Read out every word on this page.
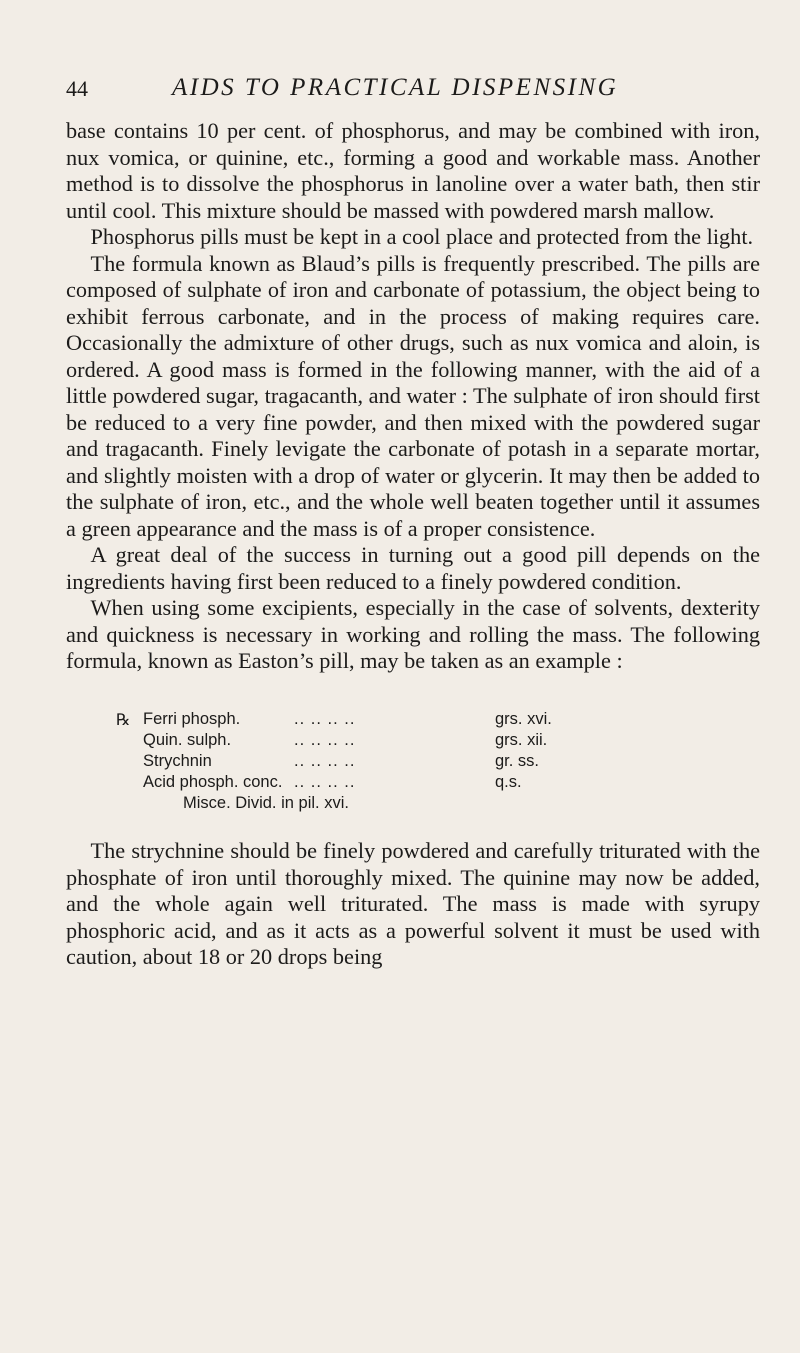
44	AIDS TO PRACTICAL DISPENSING

base contains 10 per cent. of phosphorus, and may be combined with iron, nux vomica, or quinine, etc., forming a good and workable mass. Another method is to dissolve the phosphorus in lanoline over a water bath, then stir until cool. This mixture should be massed with powdered marsh mallow.

Phosphorus pills must be kept in a cool place and protected from the light.

The formula known as Blaud’s pills is frequently prescribed. The pills are composed of sulphate of iron and carbonate of potassium, the object being to exhibit ferrous carbonate, and in the process of making requires care. Occasionally the admixture of other drugs, such as nux vomica and aloin, is ordered. A good mass is formed in the following manner, with the aid of a little powdered sugar, tragacanth, and water : The sulphate of iron should first be reduced to a very fine powder, and then mixed with the powdered sugar and tragacanth. Finely levigate the carbonate of potash in a separate mortar, and slightly moisten with a drop of water or glycerin. It may then be added to the sulphate of iron, etc., and the whole well beaten together until it assumes a green appearance and the mass is of a proper consistence.

A great deal of the success in turning out a good pill depends on the ingredients having first been reduced to a finely powdered condition.

When using some excipients, especially in the case of solvents, dexterity and quickness is necessary in working and rolling the mass. The following formula, known as Easton’s pill, may be taken as an example :

℞ Ferri phosph.	.. .. .. ..	grs. xvi.
Quin. sulph.	.. .. .. ..	grs. xii.
Strychnin	.. .. .. ..	gr. ss.
Acid phosph. conc. .. .. .. ..	q.s.
Misce. Divid. in pil. xvi.

The strychnine should be finely powdered and carefully triturated with the phosphate of iron until thoroughly mixed. The quinine may now be added, and the whole again well triturated. The mass is made with syrupy phosphoric acid, and as it acts as a powerful solvent it must be used with caution, about 18 or 20 drops being
